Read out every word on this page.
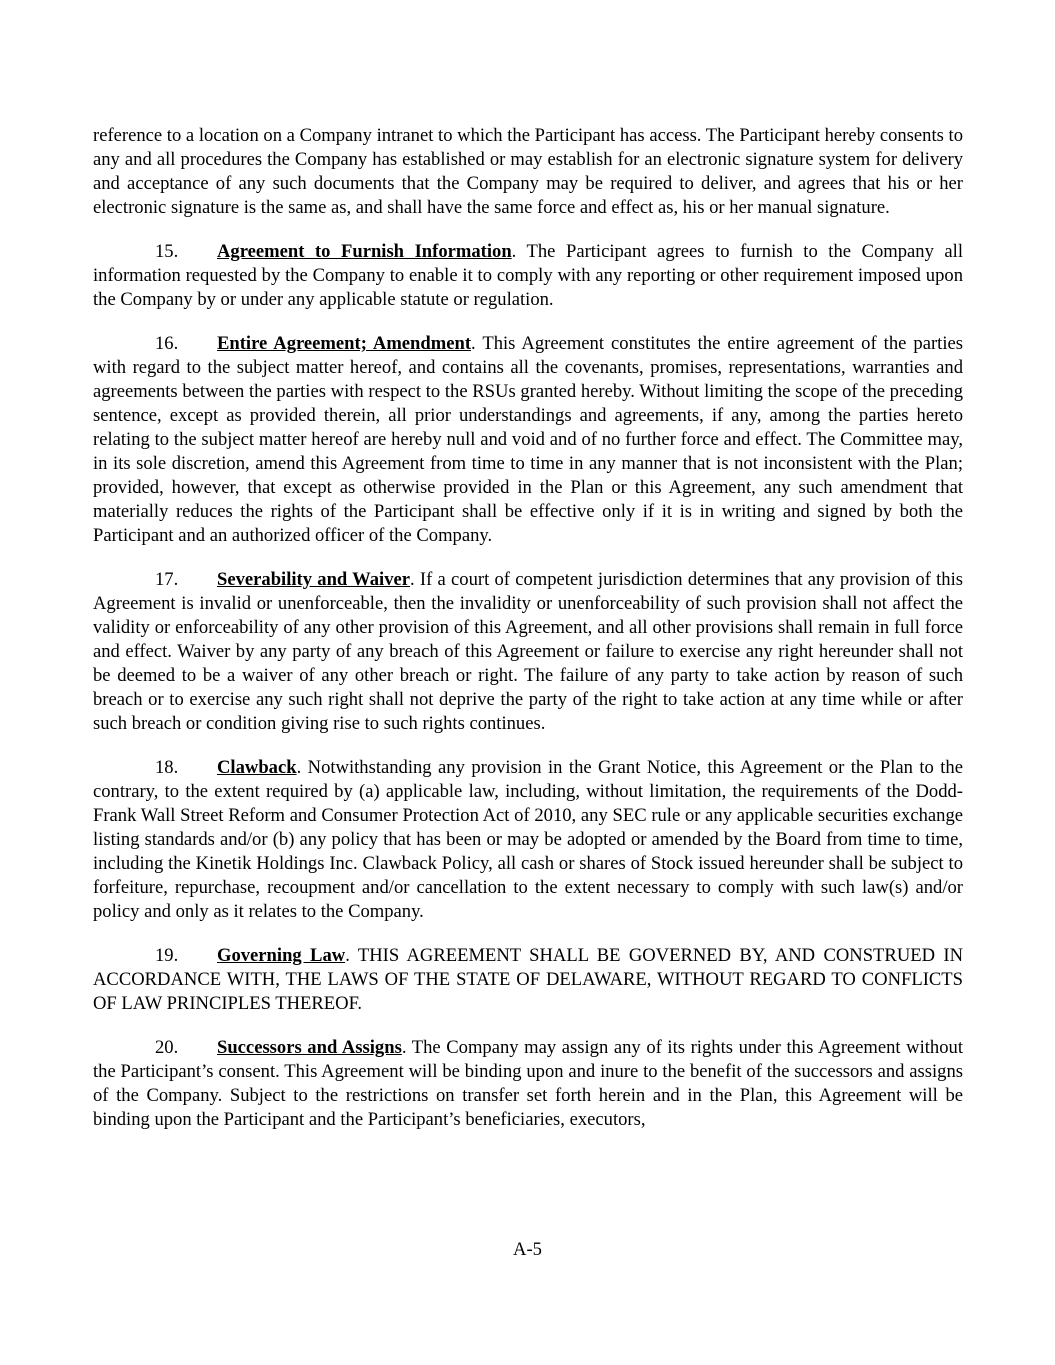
reference to a location on a Company intranet to which the Participant has access. The Participant hereby consents to any and all procedures the Company has established or may establish for an electronic signature system for delivery and acceptance of any such documents that the Company may be required to deliver, and agrees that his or her electronic signature is the same as, and shall have the same force and effect as, his or her manual signature.

15. Agreement to Furnish Information. The Participant agrees to furnish to the Company all information requested by the Company to enable it to comply with any reporting or other requirement imposed upon the Company by or under any applicable statute or regulation.

16. Entire Agreement; Amendment. This Agreement constitutes the entire agreement of the parties with regard to the subject matter hereof, and contains all the covenants, promises, representations, warranties and agreements between the parties with respect to the RSUs granted hereby. Without limiting the scope of the preceding sentence, except as provided therein, all prior understandings and agreements, if any, among the parties hereto relating to the subject matter hereof are hereby null and void and of no further force and effect. The Committee may, in its sole discretion, amend this Agreement from time to time in any manner that is not inconsistent with the Plan; provided, however, that except as otherwise provided in the Plan or this Agreement, any such amendment that materially reduces the rights of the Participant shall be effective only if it is in writing and signed by both the Participant and an authorized officer of the Company.

17. Severability and Waiver. If a court of competent jurisdiction determines that any provision of this Agreement is invalid or unenforceable, then the invalidity or unenforceability of such provision shall not affect the validity or enforceability of any other provision of this Agreement, and all other provisions shall remain in full force and effect. Waiver by any party of any breach of this Agreement or failure to exercise any right hereunder shall not be deemed to be a waiver of any other breach or right. The failure of any party to take action by reason of such breach or to exercise any such right shall not deprive the party of the right to take action at any time while or after such breach or condition giving rise to such rights continues.

18. Clawback. Notwithstanding any provision in the Grant Notice, this Agreement or the Plan to the contrary, to the extent required by (a) applicable law, including, without limitation, the requirements of the Dodd-Frank Wall Street Reform and Consumer Protection Act of 2010, any SEC rule or any applicable securities exchange listing standards and/or (b) any policy that has been or may be adopted or amended by the Board from time to time, including the Kinetik Holdings Inc. Clawback Policy, all cash or shares of Stock issued hereunder shall be subject to forfeiture, repurchase, recoupment and/or cancellation to the extent necessary to comply with such law(s) and/or policy and only as it relates to the Company.

19. Governing Law. THIS AGREEMENT SHALL BE GOVERNED BY, AND CONSTRUED IN ACCORDANCE WITH, THE LAWS OF THE STATE OF DELAWARE, WITHOUT REGARD TO CONFLICTS OF LAW PRINCIPLES THEREOF.

20. Successors and Assigns. The Company may assign any of its rights under this Agreement without the Participant’s consent. This Agreement will be binding upon and inure to the benefit of the successors and assigns of the Company. Subject to the restrictions on transfer set forth herein and in the Plan, this Agreement will be binding upon the Participant and the Participant’s beneficiaries, executors,

A-5
